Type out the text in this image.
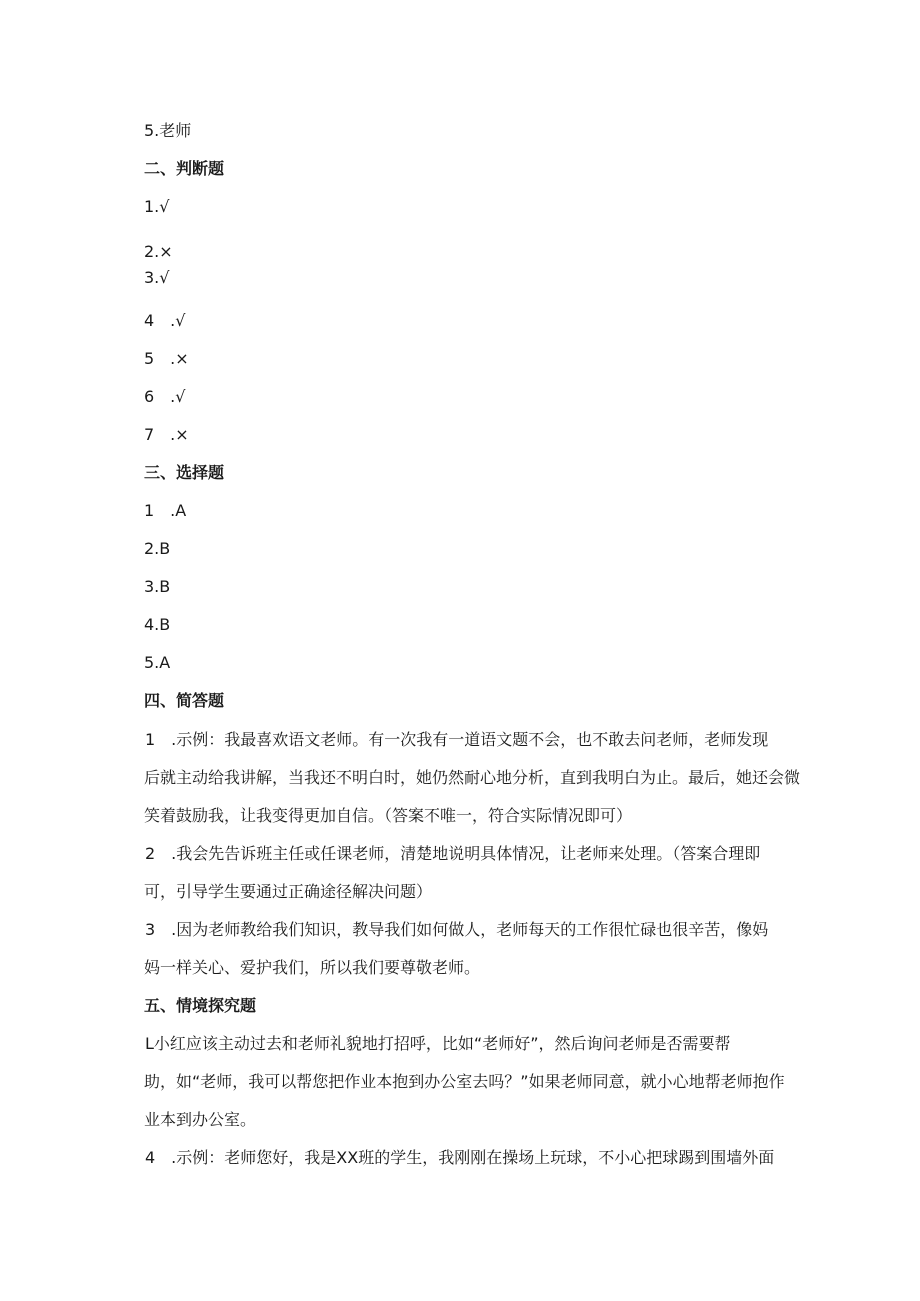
5.老师
二、判断题
1.√
2.×
3.√
4　.√
5　.×
6　.√
7　.×
三、选择题
1　.A
2.B
3.B
4.B
5.A
四、简答题
1　.示例：我最喜欢语文老师。有一次我有一道语文题不会，也不敢去问老师，老师发现
后就主动给我讲解，当我还不明白时，她仍然耐心地分析，直到我明白为止。最后，她还会微
笑着鼓励我，让我变得更加自信。（答案不唯一，符合实际情况即可）
2　.我会先告诉班主任或任课老师，清楚地说明具体情况，让老师来处理。（答案合理即
可，引导学生要通过正确途径解决问题）
3　.因为老师教给我们知识，教导我们如何做人，老师每天的工作很忙碌也很辛苦，像妈
妈一样关心、爱护我们，所以我们要尊敬老师。
五、情境探究题
L小红应该主动过去和老师礼貌地打招呼，比如“老师好”，然后询问老师是否需要帮
助，如“老师，我可以帮您把作业本抱到办公室去吗？”如果老师同意，就小心地帮老师抱作
业本到办公室。
4　.示例：老师您好，我是XX班的学生，我刚刚在操场上玩球，不小心把球踢到围墙外面
